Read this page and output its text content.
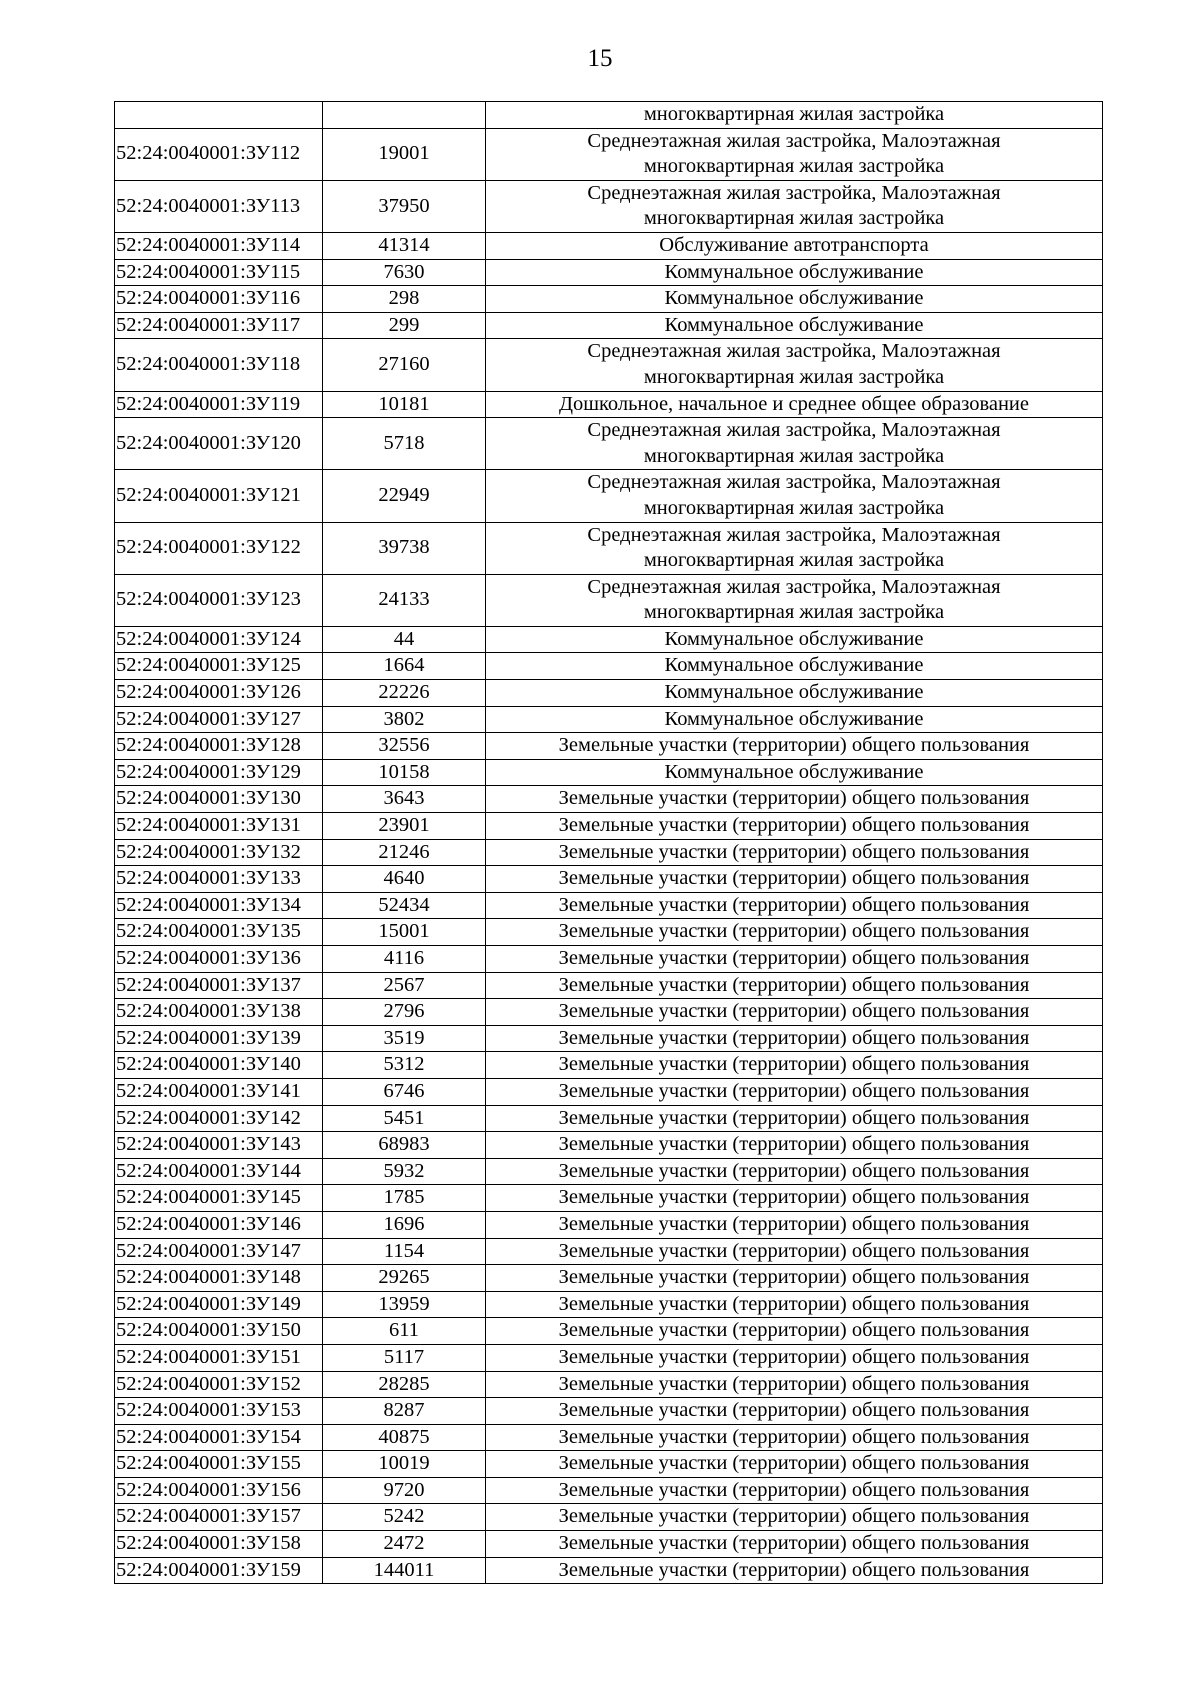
15

		многоквартирная жилая застройка

52:24:0040001:ЗУ112	19001	Среднеэтажная жилая застройка, Малоэтажная
многоквартирная жилая застройка

52:24:0040001:ЗУ113	37950	Среднеэтажная жилая застройка, Малоэтажная
многоквартирная жилая застройка

52:24:0040001:ЗУ114	41314	Обслуживание автотранспорта

52:24:0040001:ЗУ115	7630	Коммунальное обслуживание

52:24:0040001:ЗУ116	298	Коммунальное обслуживание

52:24:0040001:ЗУ117	299	Коммунальное обслуживание

52:24:0040001:ЗУ118	27160	Среднеэтажная жилая застройка, Малоэтажная
многоквартирная жилая застройка

52:24:0040001:ЗУ119	10181	Дошкольное, начальное и среднее общее образование

52:24:0040001:ЗУ120	5718	Среднеэтажная жилая застройка, Малоэтажная
многоквартирная жилая застройка

52:24:0040001:ЗУ121	22949	Среднеэтажная жилая застройка, Малоэтажная
многоквартирная жилая застройка

52:24:0040001:ЗУ122	39738	Среднеэтажная жилая застройка, Малоэтажная
многоквартирная жилая застройка

52:24:0040001:ЗУ123	24133	Среднеэтажная жилая застройка, Малоэтажная
многоквартирная жилая застройка

52:24:0040001:ЗУ124	44	Коммунальное обслуживание

52:24:0040001:ЗУ125	1664	Коммунальное обслуживание

52:24:0040001:ЗУ126	22226	Коммунальное обслуживание

52:24:0040001:ЗУ127	3802	Коммунальное обслуживание

52:24:0040001:ЗУ128	32556	Земельные участки (территории) общего пользования

52:24:0040001:ЗУ129	10158	Коммунальное обслуживание

52:24:0040001:ЗУ130	3643	Земельные участки (территории) общего пользования

52:24:0040001:ЗУ131	23901	Земельные участки (территории) общего пользования

52:24:0040001:ЗУ132	21246	Земельные участки (территории) общего пользования

52:24:0040001:ЗУ133	4640	Земельные участки (территории) общего пользования

52:24:0040001:ЗУ134	52434	Земельные участки (территории) общего пользования

52:24:0040001:ЗУ135	15001	Земельные участки (территории) общего пользования

52:24:0040001:ЗУ136	4116	Земельные участки (территории) общего пользования

52:24:0040001:ЗУ137	2567	Земельные участки (территории) общего пользования

52:24:0040001:ЗУ138	2796	Земельные участки (территории) общего пользования

52:24:0040001:ЗУ139	3519	Земельные участки (территории) общего пользования

52:24:0040001:ЗУ140	5312	Земельные участки (территории) общего пользования

52:24:0040001:ЗУ141	6746	Земельные участки (территории) общего пользования

52:24:0040001:ЗУ142	5451	Земельные участки (территории) общего пользования

52:24:0040001:ЗУ143	68983	Земельные участки (территории) общего пользования

52:24:0040001:ЗУ144	5932	Земельные участки (территории) общего пользования

52:24:0040001:ЗУ145	1785	Земельные участки (территории) общего пользования

52:24:0040001:ЗУ146	1696	Земельные участки (территории) общего пользования

52:24:0040001:ЗУ147	1154	Земельные участки (территории) общего пользования

52:24:0040001:ЗУ148	29265	Земельные участки (территории) общего пользования

52:24:0040001:ЗУ149	13959	Земельные участки (территории) общего пользования

52:24:0040001:ЗУ150	611	Земельные участки (территории) общего пользования

52:24:0040001:ЗУ151	5117	Земельные участки (территории) общего пользования

52:24:0040001:ЗУ152	28285	Земельные участки (территории) общего пользования

52:24:0040001:ЗУ153	8287	Земельные участки (территории) общего пользования

52:24:0040001:ЗУ154	40875	Земельные участки (территории) общего пользования

52:24:0040001:ЗУ155	10019	Земельные участки (территории) общего пользования

52:24:0040001:ЗУ156	9720	Земельные участки (территории) общего пользования

52:24:0040001:ЗУ157	5242	Земельные участки (территории) общего пользования

52:24:0040001:ЗУ158	2472	Земельные участки (территории) общего пользования

52:24:0040001:ЗУ159	144011	Земельные участки (территории) общего пользования
